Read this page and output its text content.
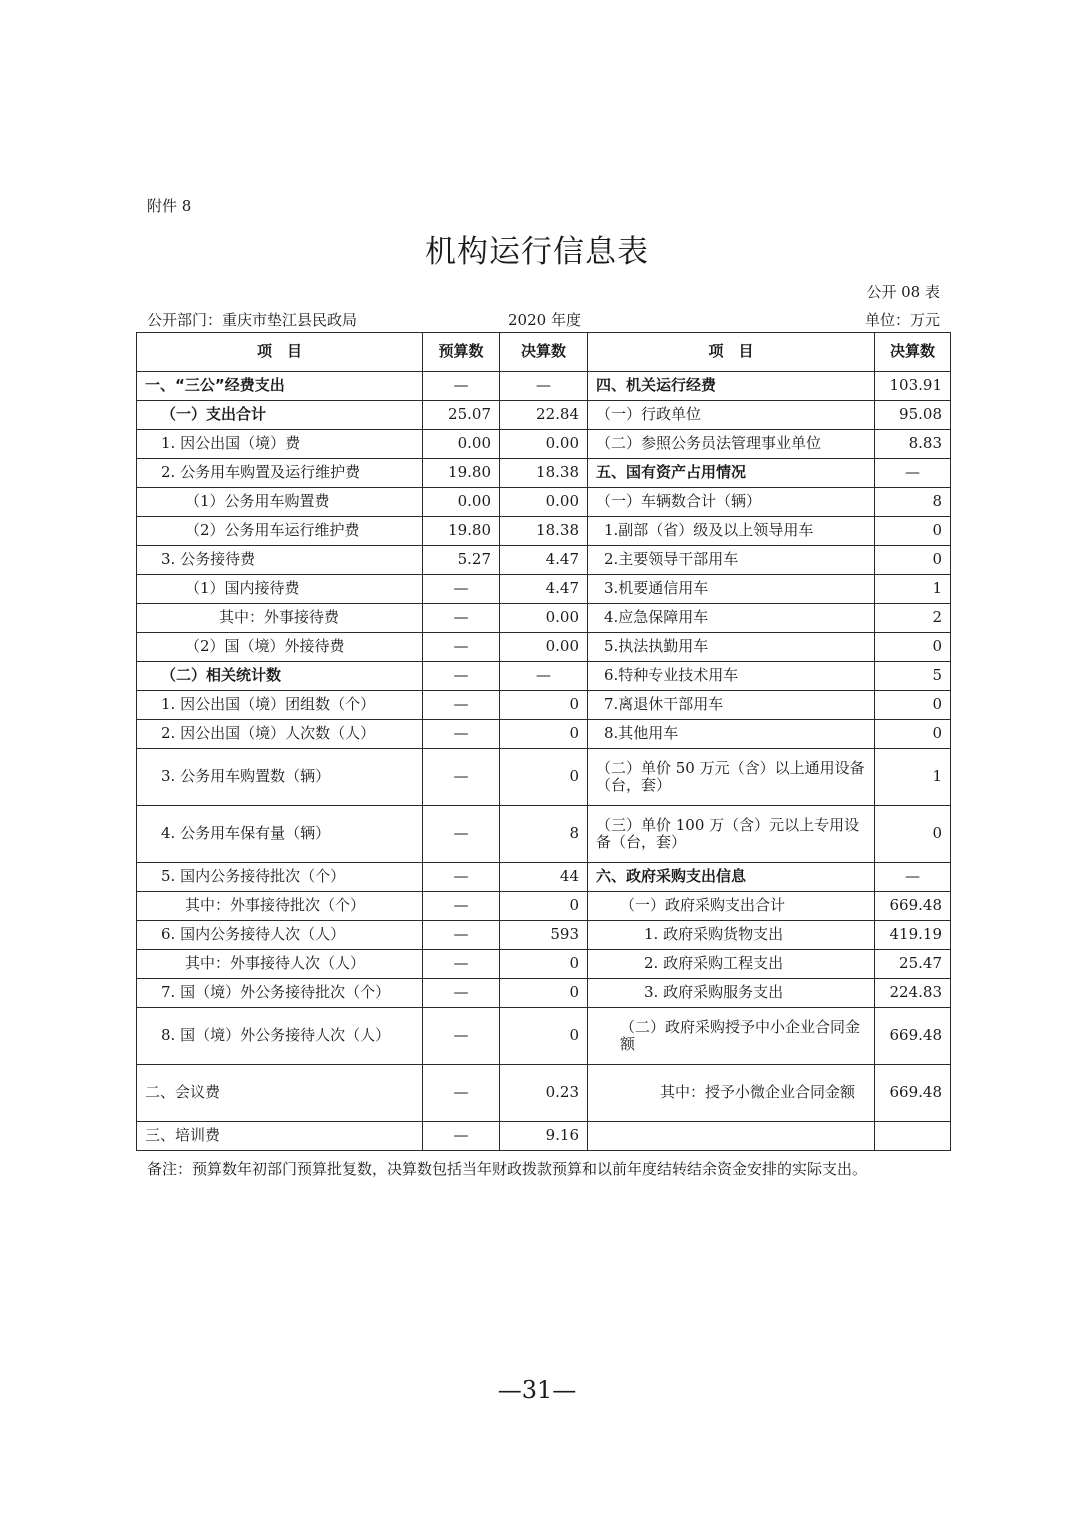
附件 8
机构运行信息表
公开 08 表
公开部门：重庆市垫江县民政局	2020 年度	单位：万元
项　目	预算数	决算数	项　目	决算数
一、“三公”经费支出	—	—	四、机关运行经费	103.91
（一）支出合计	25.07	22.84	（一）行政单位	95.08
1. 因公出国（境）费	0.00	0.00	（二）参照公务员法管理事业单位	8.83
2. 公务用车购置及运行维护费	19.80	18.38	五、国有资产占用情况	—
（1）公务用车购置费	0.00	0.00	（一）车辆数合计（辆）	8
（2）公务用车运行维护费	19.80	18.38	1.副部（省）级及以上领导用车	0
3. 公务接待费	5.27	4.47	2.主要领导干部用车	0
（1）国内接待费	—	4.47	3.机要通信用车	1
其中：外事接待费	—	0.00	4.应急保障用车	2
（2）国（境）外接待费	—	0.00	5.执法执勤用车	0
（二）相关统计数	—	—	6.特种专业技术用车	5
1. 因公出国（境）团组数（个）	—	0	7.离退休干部用车	0
2. 因公出国（境）人次数（人）	—	0	8.其他用车	0
3. 公务用车购置数（辆）	—	0	（二）单价 50 万元（含）以上通用设备（台，套）	1
4. 公务用车保有量（辆）	—	8	（三）单价 100 万（含）元以上专用设备（台，套）	0
5. 国内公务接待批次（个）	—	44	六、政府采购支出信息	—
其中：外事接待批次（个）	—	0	（一）政府采购支出合计	669.48
6. 国内公务接待人次（人）	—	593	1. 政府采购货物支出	419.19
其中：外事接待人次（人）	—	0	2. 政府采购工程支出	25.47
7. 国（境）外公务接待批次（个）	—	0	3. 政府采购服务支出	224.83
8. 国（境）外公务接待人次（人）	—	0	（二）政府采购授予中小企业合同金额	669.48
二、会议费	—	0.23	其中：授予小微企业合同金额	669.48
三、培训费	—	9.16		
备注：预算数年初部门预算批复数，决算数包括当年财政拨款预算和以前年度结转结余资金安排的实际支出。
—31—
